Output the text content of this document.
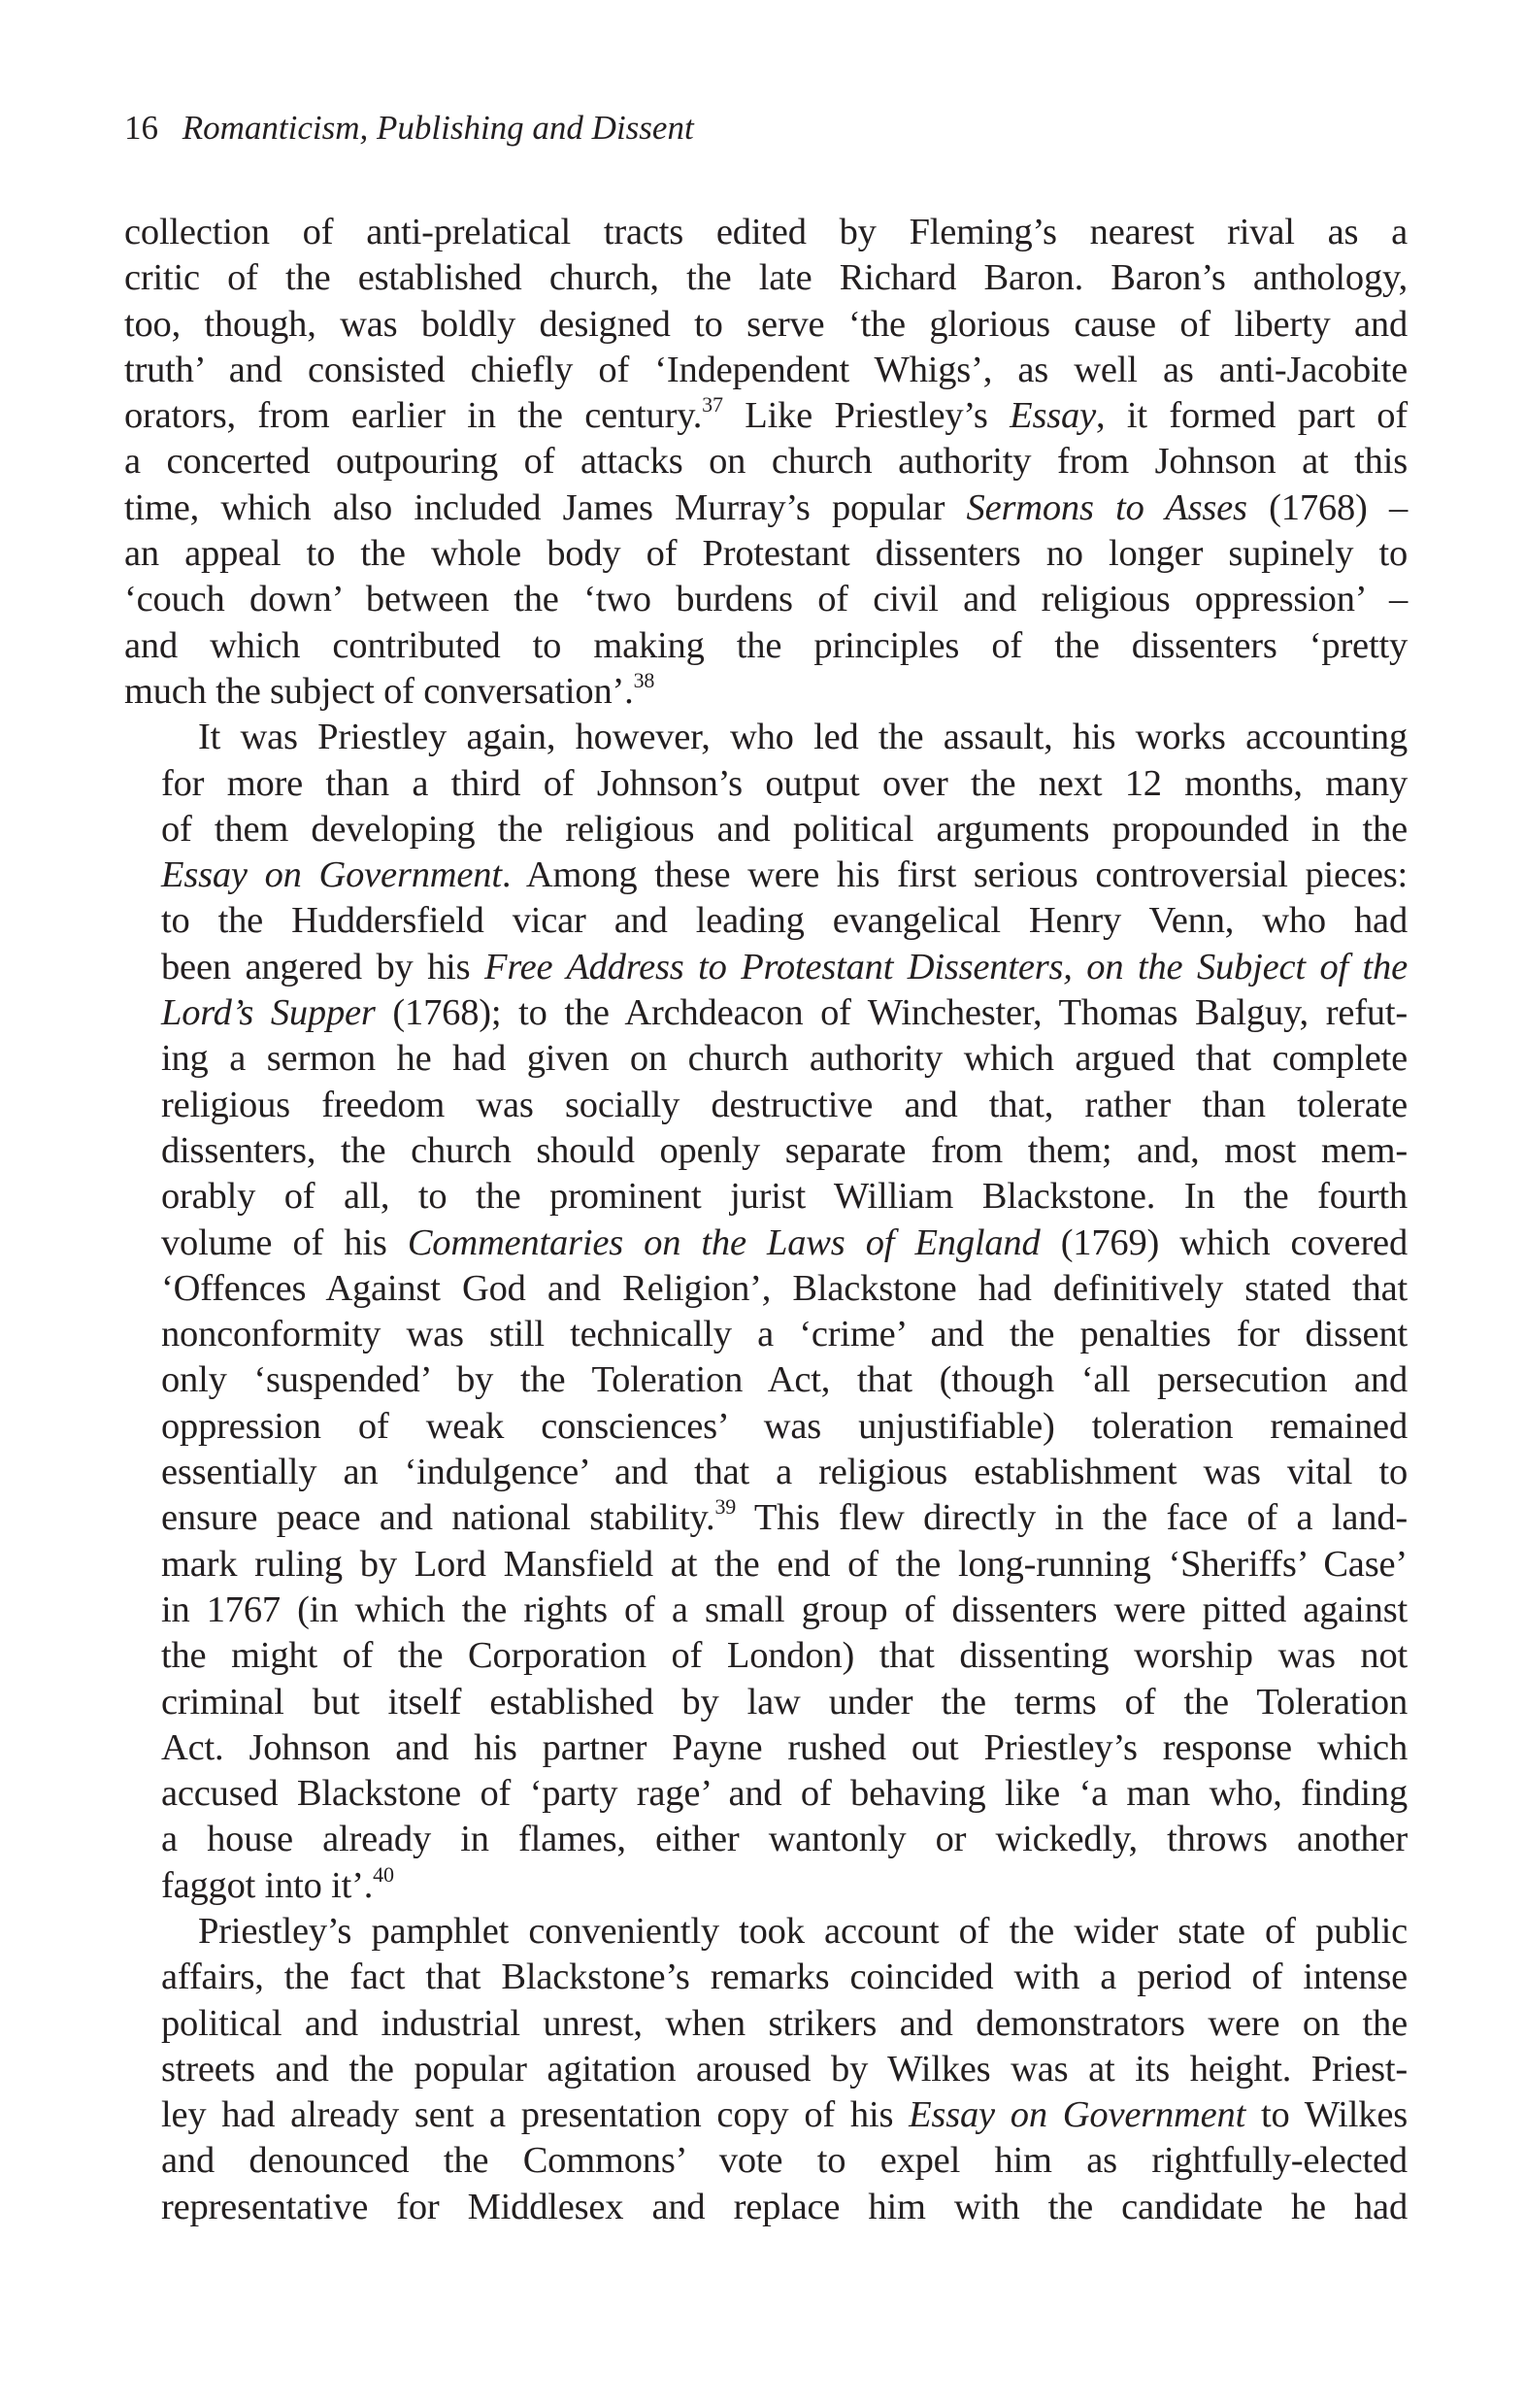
16 Romanticism, Publishing and Dissent
collection of anti-prelatical tracts edited by Fleming’s nearest rival as a
critic of the established church, the late Richard Baron. Baron’s anthology,
too, though, was boldly designed to serve ‘the glorious cause of liberty and
truth’ and consisted chiefly of ‘Independent Whigs’, as well as anti-Jacobite
orators, from earlier in the century.$^{37}$ Like Priestley’s Essay, it formed part of
a concerted outpouring of attacks on church authority from Johnson at this
time, which also included James Murray’s popular Sermons to Asses (1768) –
an appeal to the whole body of Protestant dissenters no longer supinely to
‘couch down’ between the ‘two burdens of civil and religious oppression’ –
and which contributed to making the principles of the dissenters ‘pretty
much the subject of conversation’.$^{38}$
It was Priestley again, however, who led the assault, his works accounting
for more than a third of Johnson’s output over the next 12 months, many
of them developing the religious and political arguments propounded in the
Essay on Government. Among these were his first serious controversial pieces:
to the Huddersfield vicar and leading evangelical Henry Venn, who had
been angered by his Free Address to Protestant Dissenters, on the Subject of the
Lord’s Supper (1768); to the Archdeacon of Winchester, Thomas Balguy, refut-
ing a sermon he had given on church authority which argued that complete
religious freedom was socially destructive and that, rather than tolerate
dissenters, the church should openly separate from them; and, most mem-
orably of all, to the prominent jurist William Blackstone. In the fourth
volume of his Commentaries on the Laws of England (1769) which covered
‘Offences Against God and Religion’, Blackstone had definitively stated that
nonconformity was still technically a ‘crime’ and the penalties for dissent
only ‘suspended’ by the Toleration Act, that (though ‘all persecution and
oppression of weak consciences’ was unjustifiable) toleration remained
essentially an ‘indulgence’ and that a religious establishment was vital to
ensure peace and national stability.$^{39}$ This flew directly in the face of a land-
mark ruling by Lord Mansfield at the end of the long-running ‘Sheriffs’ Case’
in 1767 (in which the rights of a small group of dissenters were pitted against
the might of the Corporation of London) that dissenting worship was not
criminal but itself established by law under the terms of the Toleration
Act. Johnson and his partner Payne rushed out Priestley’s response which
accused Blackstone of ‘party rage’ and of behaving like ‘a man who, finding
a house already in flames, either wantonly or wickedly, throws another
faggot into it’.$^{40}$
Priestley’s pamphlet conveniently took account of the wider state of public
affairs, the fact that Blackstone’s remarks coincided with a period of intense
political and industrial unrest, when strikers and demonstrators were on the
streets and the popular agitation aroused by Wilkes was at its height. Priest-
ley had already sent a presentation copy of his Essay on Government to Wilkes
and denounced the Commons’ vote to expel him as rightfully-elected
representative for Middlesex and replace him with the candidate he had
